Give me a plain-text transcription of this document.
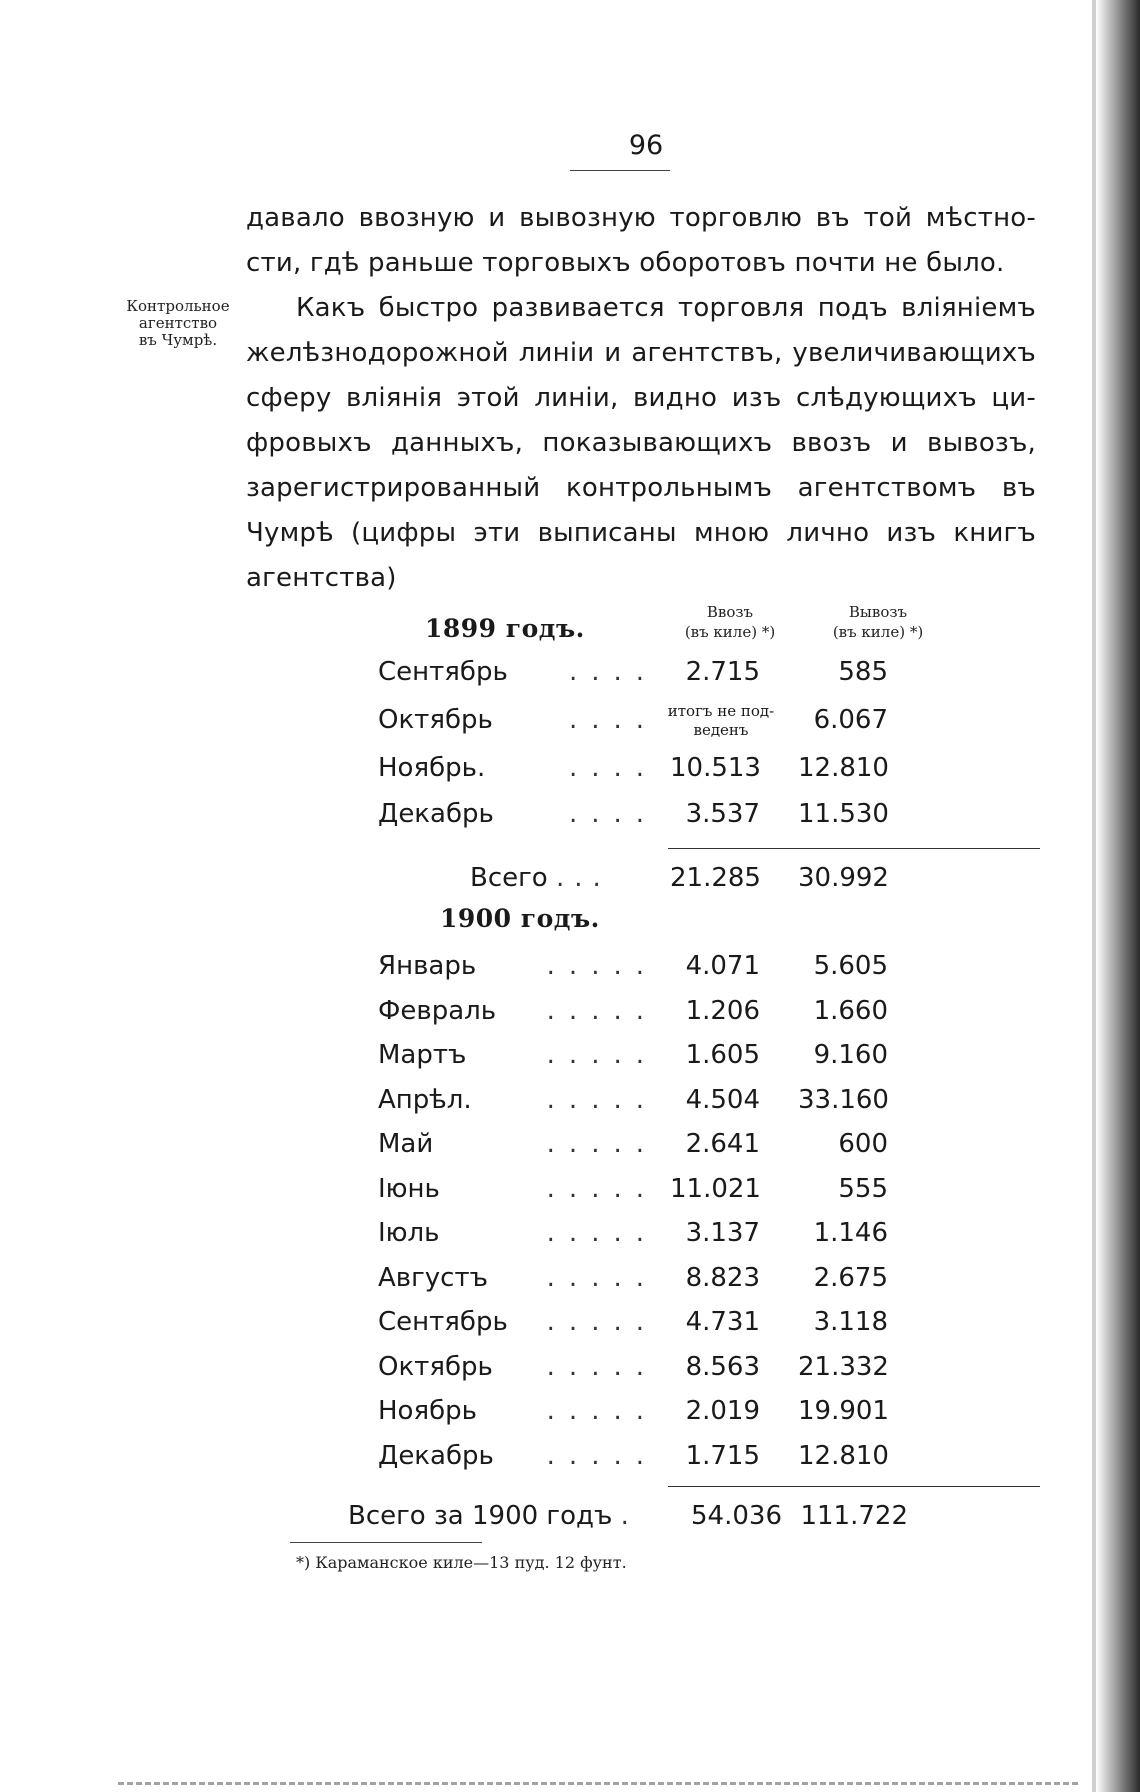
96
Контрольное
агентство
въ Чумрѣ.
давало ввозную и вывозную торговлю въ той мѣстно-
сти, гдѣ раньше торговыхъ оборотовъ почти не было.
Какъ быстро развивается торговля подъ вліяніемъ
желѣзнодорожной линіи и агентствъ, увеличивающихъ
сферу вліянія этой линіи, видно изъ слѣдующихъ ци-
фровыхъ данныхъ, показывающихъ ввозъ и вывозъ,
зарегистрированный контрольнымъ агентствомъ въ
Чумрѣ (цифры эти выписаны мною лично изъ книгъ
агентства)
1899 годъ.
Ввозъ
(въ киле) *)
Вывозъ
(въ киле) *)
Сентябрь	....	2.715	585
Октябрь	.... итогъ не под-
веденъ	6.067
Ноябрь.	.... 10.513 12.810
Декабрь	....	3.537 11.530
Всего ... 21.285 30.992
1900 годъ.
Январь	.....	4.071	5.605
Февраль	.....	1.206	1.660
Мартъ	.....	1.605	9.160
Апрѣл.	.....	4.504 33.160
Май	.....	2.641	600
Іюнь	..... 11.021	555
Іюль	.....	3.137	1.146
Августъ	.....	8.823	2.675
Сентябрь	.....	4.731	3.118
Октябрь	.....	8.563 21.332
Ноябрь	.....	2.019 19.901
Декабрь	.....	1.715 12.810
Всего за 1900 годъ .	54.036 111.722
*) Караманское киле—13 пуд. 12 фунт.
